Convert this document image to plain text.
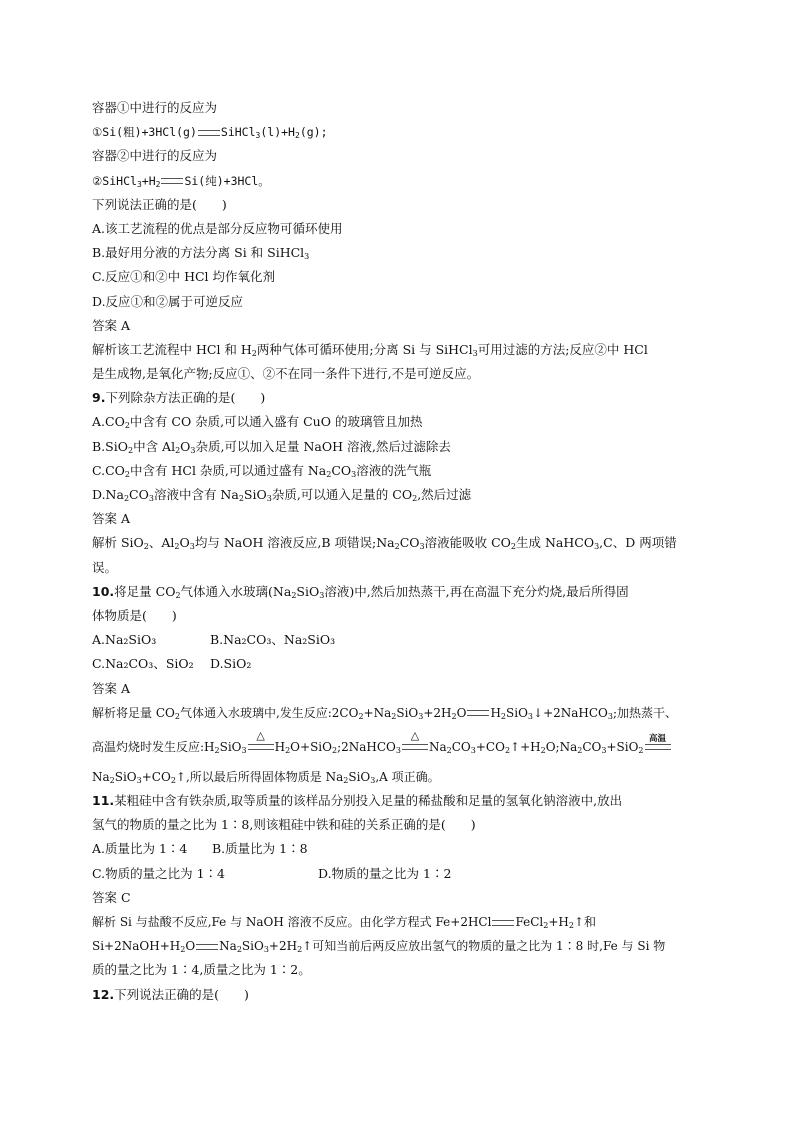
容器①中进行的反应为
①Si(粗)+3HCl(g) $SiHCl_3(l)+H_2(g)$;
容器②中进行的反应为
$②SiHCl_3+H_2$ Si(纯)+3HCl。
下列说法正确的是(　　)
A.该工艺流程的优点是部分反应物可循环使用
B.最好用分液的方法分离 Si 和 SiHCl$_3$
C.反应①和②中 HCl 均作氧化剂
D.反应①和②属于可逆反应
答案 A
解析该工艺流程中 HCl 和 $H_2$两种气体可循环使用;分离 Si 与 SiHCl$_3$可用过滤的方法;反应②中 HCl
是生成物,是氧化产物;反应①、②不在同一条件下进行,不是可逆反应。
9.下列除杂方法正确的是(　　)
$A.CO_2$中含有 CO 杂质,可以通入盛有 CuO 的玻璃管且加热
B.SiO$_2$中含 $Al_2O_3$杂质,可以加入足量 NaOH 溶液,然后过滤除去
$C.CO_2$中含有 HCl 杂质,可以通过盛有 $Na_2CO_3$溶液的洗气瓶
$D.Na_2CO_3$溶液中含有 $Na_2SiO_3$杂质,可以通入足量的 $CO_2$,然后过滤
答案 A
解析 SiO$_2$、$Al_2O_3$均与 NaOH 溶液反应,B 项错误$;Na_2CO_3$溶液能吸收 $CO_2$生成 NaHCO$_3$,C、D 两项错
误。
10.将足量 $CO_2$气体通入水玻璃($Na_2SiO_3$溶液)中,然后加热蒸干,再在高温下充分灼烧,最后所得固
体物质是(　　)
A.Na₂SiO₃	B.Na₂CO₃、Na₂SiO₃
C.Na₂CO₃、SiO₂ D.SiO₂
答案 A
解析将足量 $CO_2$气体通入水玻璃中,发生反应$:2CO_2+Na_2SiO_3+2H_2O$ $H_2SiO_3↓+2NaHCO_3$;加热蒸干、
高温灼烧时发生反应$:H_2SiO_3$
△
$H_2O+SiO_2;2NaHCO_3$
△
$Na_2CO_3+CO_2↑+H_2O;Na_2CO_3+SiO_2$
高温
$Na_2SiO_3+CO_2↑$,所以最后所得固体物质是 $Na_2SiO_3,A$ 项正确。
11.某粗硅中含有铁杂质,取等质量的该样品分别投入足量的稀盐酸和足量的氢氧化钠溶液中,放出
氢气的物质的量之比为 1∶8,则该粗硅中铁和硅的关系正确的是(　　)
A.质量比为 1∶4 B.质量比为 1∶8
C.物质的量之比为 1∶4	D.物质的量之比为 1∶2
答案 C
解析 Si 与盐酸不反应,Fe 与 NaOH 溶液不反应。由化学方程式 Fe+2HCl $FeCl_2+H_2↑$和
$Si+2NaOH+H_2O$ $Na_2SiO_3+2H_2↑$可知当前后两反应放出氢气的物质的量之比为 1∶8 时,Fe 与 Si 物
质的量之比为 1∶4,质量之比为 1∶2。
12.下列说法正确的是(　　)
